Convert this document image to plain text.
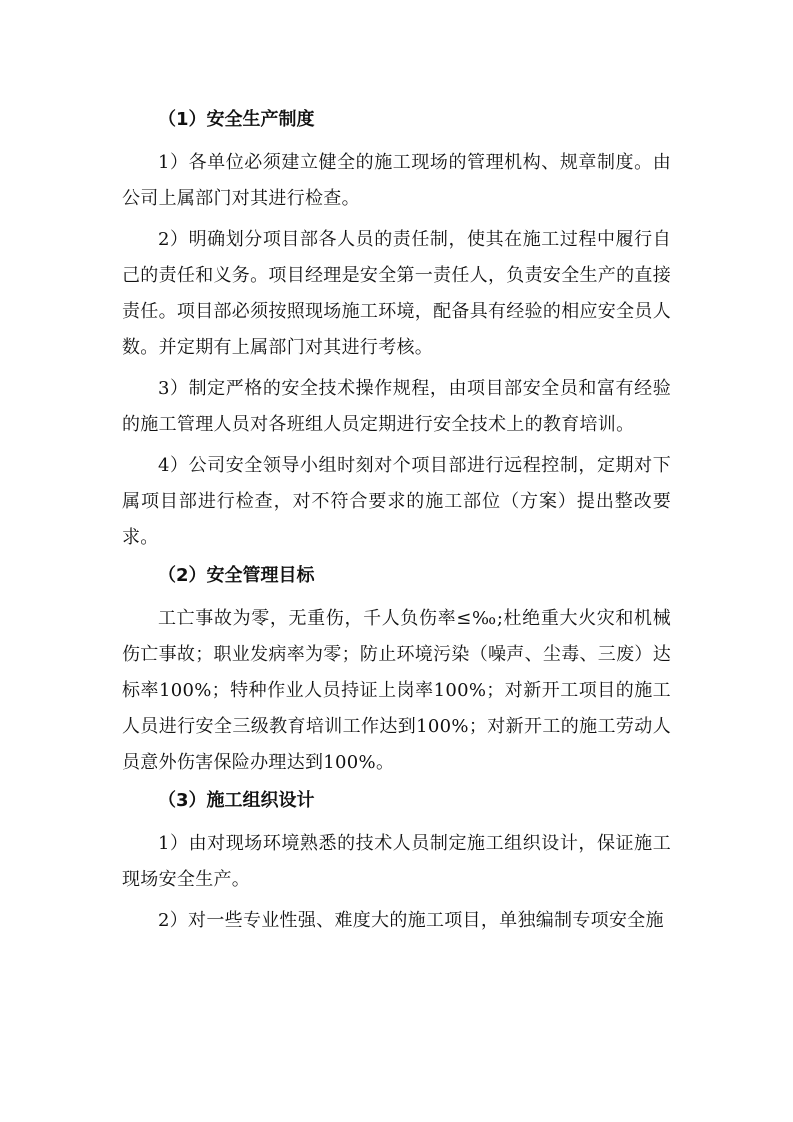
（1）安全生产制度

1）各单位必须建立健全的施工现场的管理机构、规章制度。由公司上属部门对其进行检查。

2）明确划分项目部各人员的责任制，使其在施工过程中履行自己的责任和义务。项目经理是安全第一责任人，负责安全生产的直接责任。项目部必须按照现场施工环境，配备具有经验的相应安全员人数。并定期有上属部门对其进行考核。

3）制定严格的安全技术操作规程，由项目部安全员和富有经验的施工管理人员对各班组人员定期进行安全技术上的教育培训。

4）公司安全领导小组时刻对个项目部进行远程控制，定期对下属项目部进行检查，对不符合要求的施工部位（方案）提出整改要求。

（2）安全管理目标

工亡事故为零，无重伤，千人负伤率≤‰;杜绝重大火灾和机械伤亡事故；职业发病率为零；防止环境污染（噪声、尘毒、三废）达标率100%；特种作业人员持证上岗率100%；对新开工项目的施工人员进行安全三级教育培训工作达到100%；对新开工的施工劳动人员意外伤害保险办理达到100%。

（3）施工组织设计

1）由对现场环境熟悉的技术人员制定施工组织设计，保证施工现场安全生产。

2）对一些专业性强、难度大的施工项目，单独编制专项安全施
